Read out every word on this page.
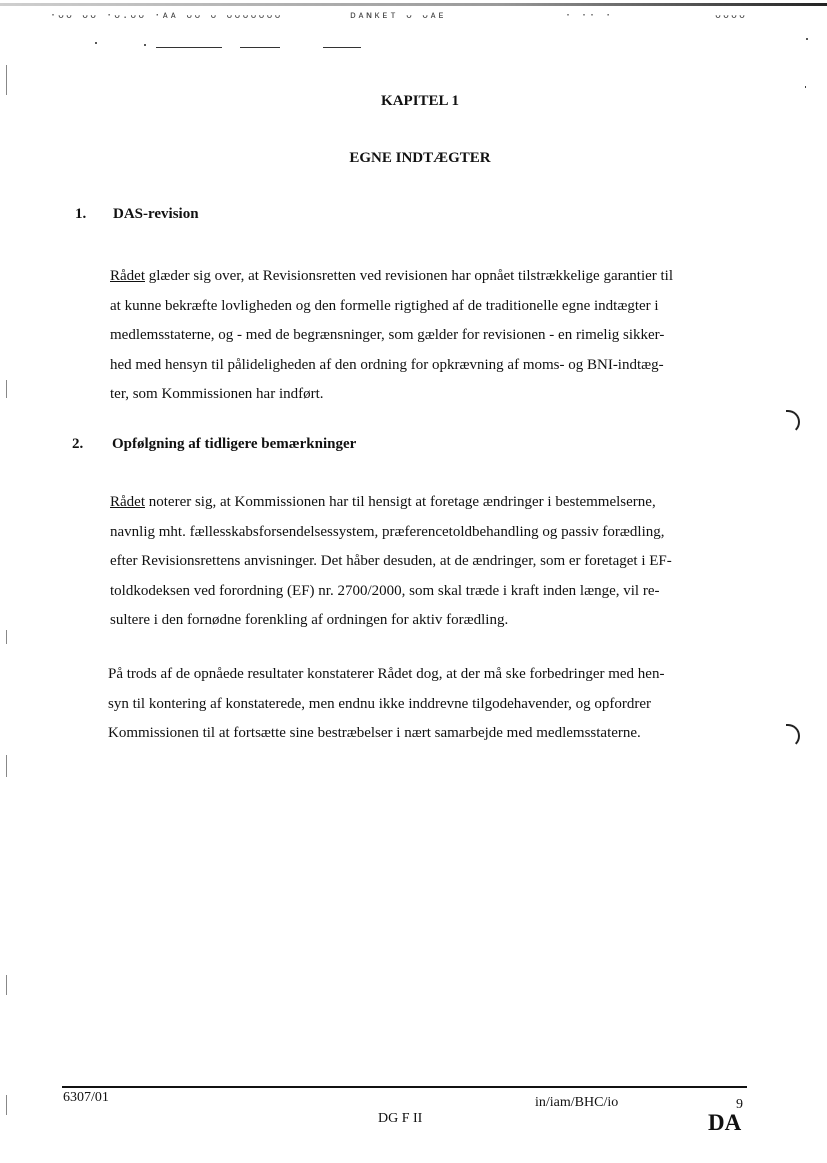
·ᴗᴗ ᴗᴗ ·ᴗ.ᴗᴗ ·ᴀᴀ ᴗᴗ ᴗ ᴗᴗᴗᴗᴗᴗᴗ	ᴅᴀɴᴋᴇᴛ ᴗ ᴗᴀᴇ	· ·· ·	ᴗᴗᴗᴗ
KAPITEL 1
EGNE INDTÆGTER
1. DAS-revision
Rådet glæder sig over, at Revisionsretten ved revisionen har opnået tilstrækkelige garantier til
at kunne bekræfte lovligheden og den formelle rigtighed af de traditionelle egne indtægter i
medlemsstaterne, og - med de begrænsninger, som gælder for revisionen - en rimelig sikker-
hed med hensyn til pålideligheden af den ordning for opkrævning af moms- og BNI-indtæg-
ter, som Kommissionen har indført.
2. Opfølgning af tidligere bemærkninger
Rådet noterer sig, at Kommissionen har til hensigt at foretage ændringer i bestemmelserne,
navnlig mht. fællesskabsforsendelsessystem, præferencetoldbehandling og passiv forædling,
efter Revisionsrettens anvisninger. Det håber desuden, at de ændringer, som er foretaget i EF-
toldkodeksen ved forordning (EF) nr. 2700/2000, som skal træde i kraft inden længe, vil re-
sultere i den fornødne forenkling af ordningen for aktiv forædling.
På trods af de opnåede resultater konstaterer Rådet dog, at der må ske forbedringer med hen-
syn til kontering af konstaterede, men endnu ikke inddrevne tilgodehavender, og opfordrer
Kommissionen til at fortsætte sine bestræbelser i nært samarbejde med medlemsstaterne.
6307/01	in/iam/BHC/io	9
DG F II	DA
